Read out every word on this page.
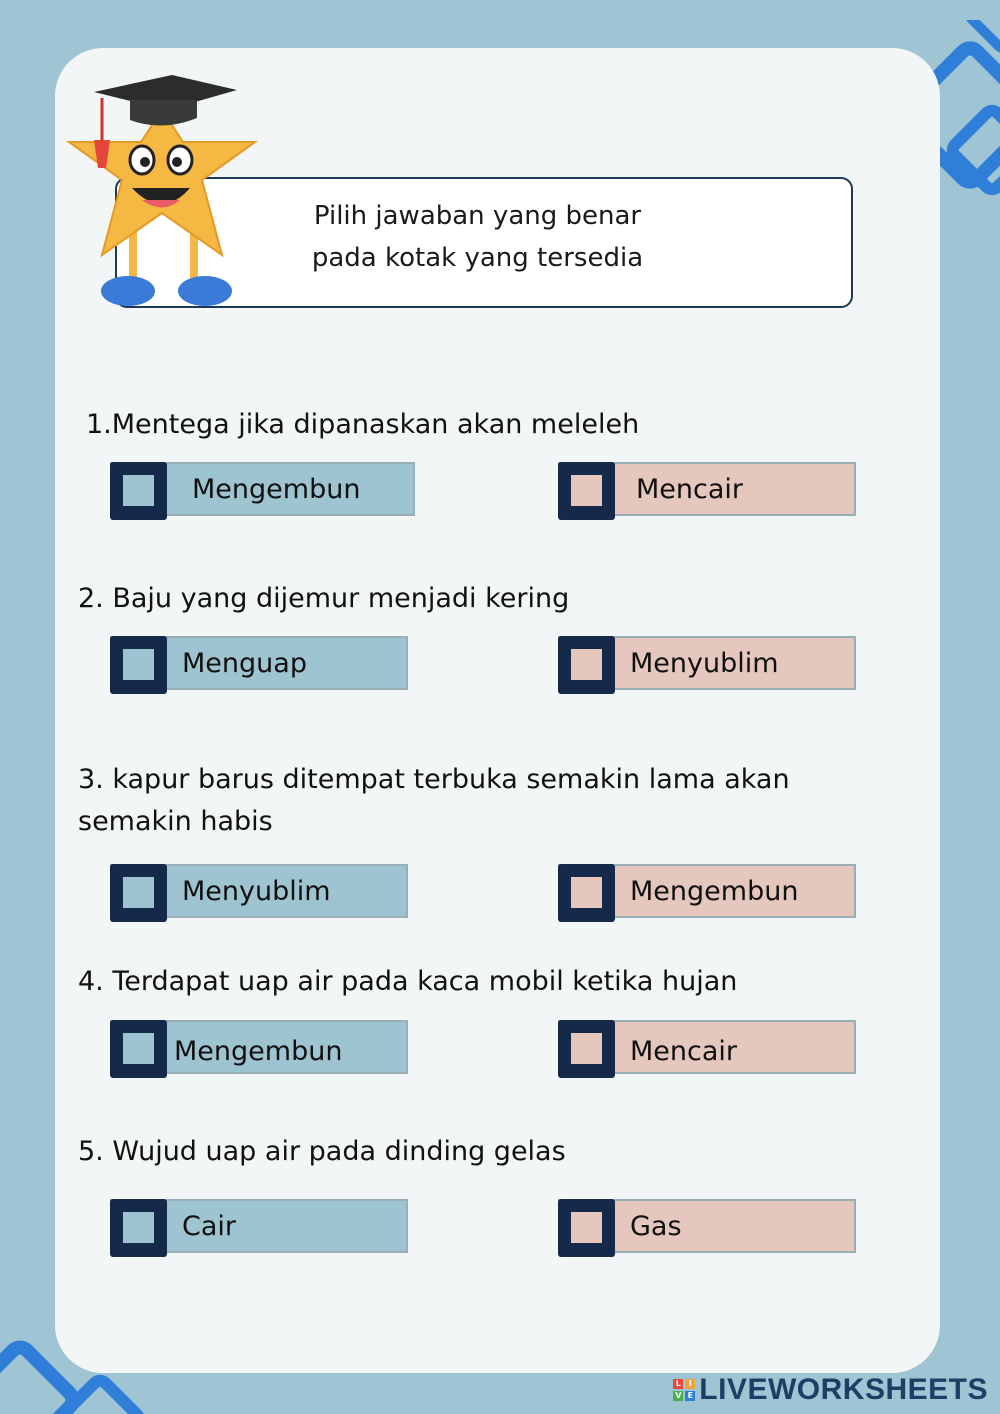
Pilih jawaban yang benar
pada kotak yang tersedia
1.Mentega jika dipanaskan akan meleleh
Mengembun	Mencair
2. Baju yang dijemur menjadi kering
Menguap	Menyublim
3. kapur barus ditempat terbuka semakin lama akan
semakin habis
Menyublim	Mengembun
4. Terdapat uap air pada kaca mobil ketika hujan
Mengembun	Mencair
5. Wujud uap air pada dinding gelas
Cair	Gas
L I
V E LIVEWORKSHEETS
